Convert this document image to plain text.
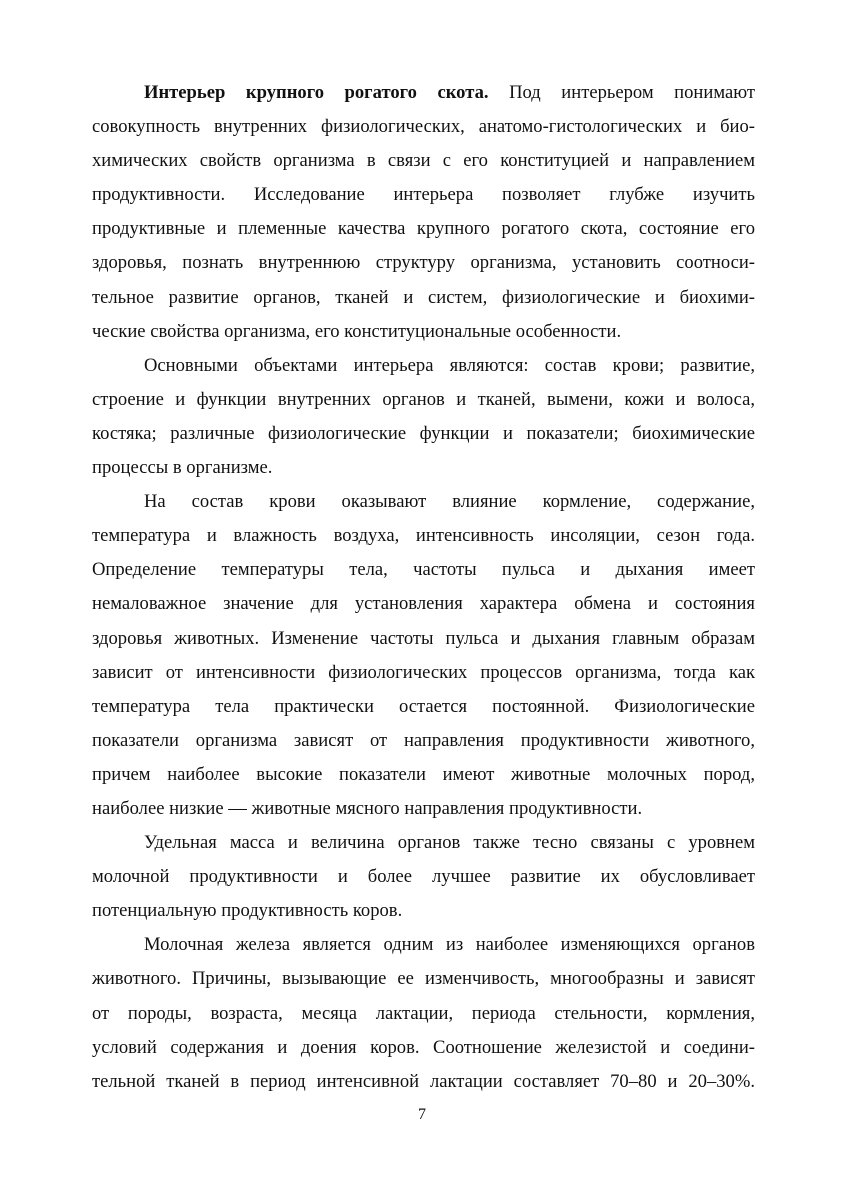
Интерьер крупного рогатого скота. Под интерьером понимают
совокупность внутренних физиологических, анатомо-гистологических и био-
химических свойств организма в связи с его конституцией и направлением
продуктивности. Исследование интерьера позволяет глубже изучить
продуктивные и племенные качества крупного рогатого скота, состояние его
здоровья, познать внутреннюю структуру организма, установить соотноси-
тельное развитие органов, тканей и систем, физиологические и биохими-
ческие свойства организма, его конституциональные особенности.
Основными объектами интерьера являются: состав крови; развитие,
строение и функции внутренних органов и тканей, вымени, кожи и волоса,
костяка; различные физиологические функции и показатели; биохимические
процессы в организме.
На состав крови оказывают влияние кормление, содержание,
температура и влажность воздуха, интенсивность инсоляции, сезон года.
Определение температуры тела, частоты пульса и дыхания имеет
немаловажное значение для установления характера обмена и состояния
здоровья животных. Изменение частоты пульса и дыхания главным образам
зависит от интенсивности физиологических процессов организма, тогда как
температура тела практически остается постоянной. Физиологические
показатели организма зависят от направления продуктивности животного,
причем наиболее высокие показатели имеют животные молочных пород,
наиболее низкие — животные мясного направления продуктивности.
Удельная масса и величина органов также тесно связаны с уровнем
молочной продуктивности и более лучшее развитие их обусловливает
потенциальную продуктивность коров.
Молочная железа является одним из наиболее изменяющихся органов
животного. Причины, вызывающие ее изменчивость, многообразны и зависят
от породы, возраста, месяца лактации, периода стельности, кормления,
условий содержания и доения коров. Соотношение железистой и соедини-
тельной тканей в период интенсивной лактации составляет 70–80 и 20–30%.
7
